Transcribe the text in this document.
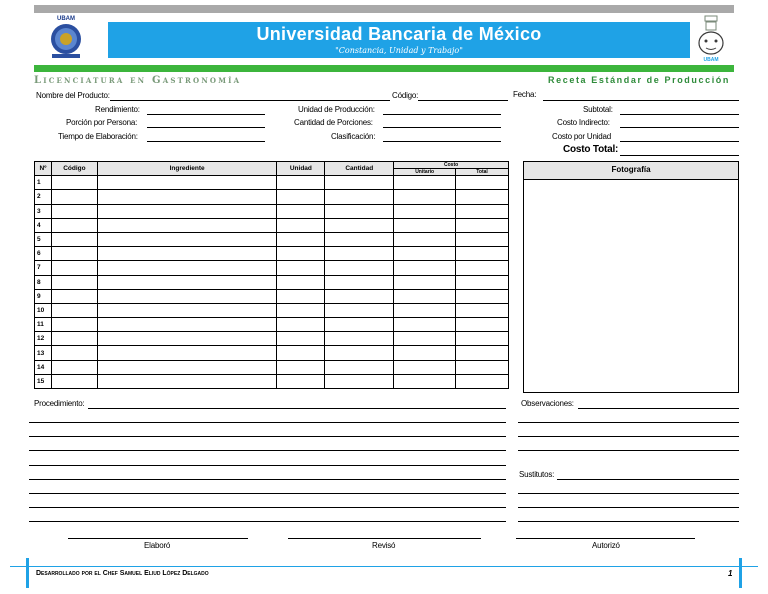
UBAM
Universidad Bancaria de México
"Constancia, Unidad y Trabajo"
UBAM
Licenciatura en Gastronomía	Receta Estándar de Producción
Nombre del Producto:	Código:	Fecha:
Rendimiento:	Unidad de Producción:	Subtotal:
Porción por Persona:	Cantidad de Porciones:	Costo Indirecto:
Tiempo de Elaboración:	Clasificación:	Costo por Unidad
Costo Total:
Nº	Código	Ingrediente	Unidad	Cantidad	Costo	
					Unitario	Total
1						
2						
3						
4						
5						
6						
7						
8						
9						
10						
11						
12						
13						
14						
15						
Fotografía
Procedimiento:	Observaciones:
Sustitutos:
Elaboró	Revisó	Autorizó
Desarrollado por el Chef Samuel Eliud López Delgado	1
